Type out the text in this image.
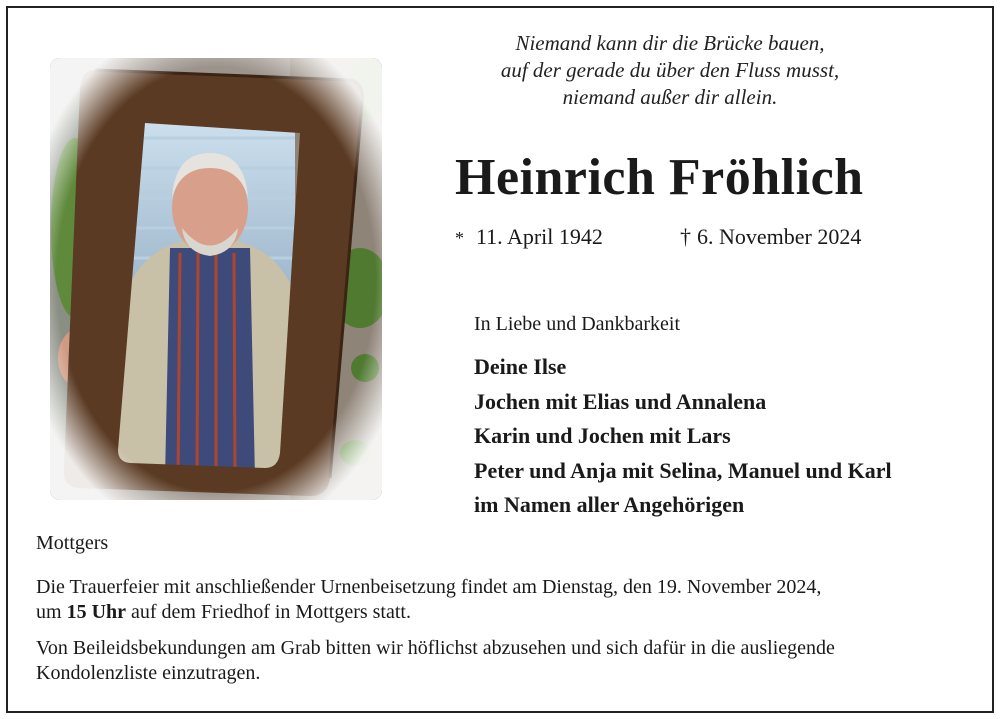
Niemand kann dir die Brücke bauen,
auf der gerade du über den Fluss musst,
niemand außer dir allein.
Heinrich Fröhlich
* 11. April 1942	† 6. November 2024
In Liebe und Dankbarkeit
Deine Ilse
Jochen mit Elias und Annalena
Karin und Jochen mit Lars
Peter und Anja mit Selina, Manuel und Karl
im Namen aller Angehörigen
Mottgers
Die Trauerfeier mit anschließender Urnenbeisetzung findet am Dienstag, den 19. November 2024,
um 15 Uhr auf dem Friedhof in Mottgers statt.
Von Beileidsbekundungen am Grab bitten wir höflichst abzusehen und sich dafür in die ausliegende
Kondolenzliste einzutragen.
